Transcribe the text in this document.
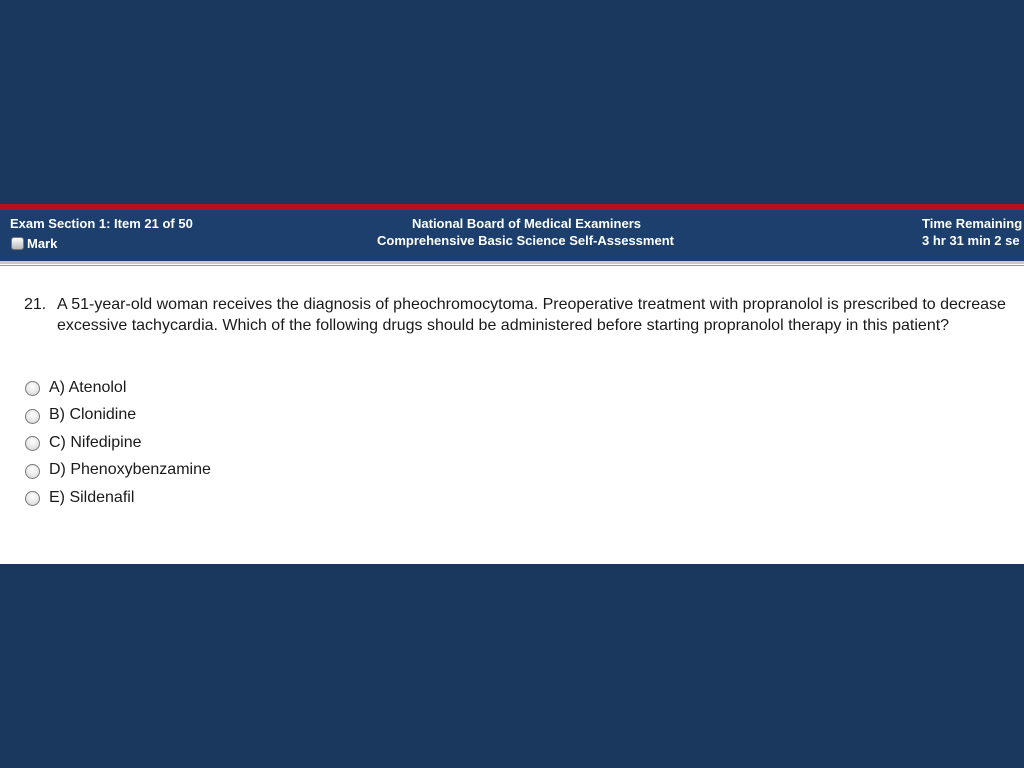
Exam Section 1: Item 21 of 50
Mark
National Board of Medical Examiners
Comprehensive Basic Science Self-Assessment
Time Remaining
3 hr 31 min 2 se
21. A 51-year-old woman receives the diagnosis of pheochromocytoma. Preoperative treatment with propranolol is prescribed to decrease excessive tachycardia. Which of the following drugs should be administered before starting propranolol therapy in this patient?
A) Atenolol
B) Clonidine
C) Nifedipine
D) Phenoxybenzamine
E) Sildenafil
